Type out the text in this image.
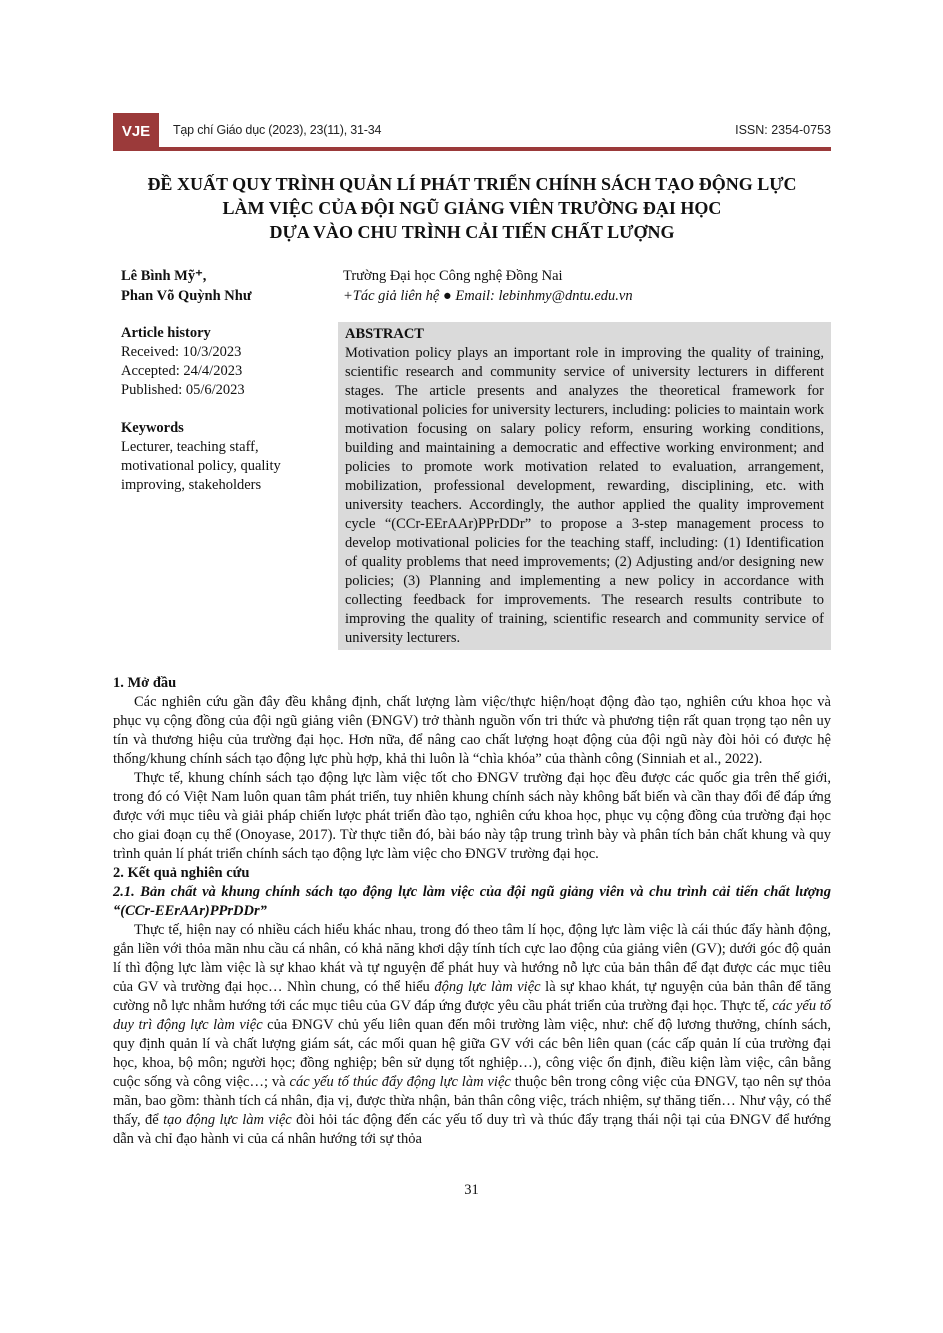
VJE	Tạp chí Giáo dục (2023), 23(11), 31-34	ISSN: 2354-0753
ĐỀ XUẤT QUY TRÌNH QUẢN LÍ PHÁT TRIỂN CHÍNH SÁCH TẠO ĐỘNG LỰC
LÀM VIỆC CỦA ĐỘI NGŨ GIẢNG VIÊN TRƯỜNG ĐẠI HỌC
DỰA VÀO CHU TRÌNH CẢI TIẾN CHẤT LƯỢNG
Lê Bình Mỹ⁺,
Phan Võ Quỳnh Như
Trường Đại học Công nghệ Đồng Nai
+Tác giả liên hệ ● Email: lebinhmy@dntu.edu.vn
Article history
Received: 10/3/2023
Accepted: 24/4/2023
Published: 05/6/2023
Keywords
Lecturer, teaching staff, motivational policy, quality improving, stakeholders
ABSTRACT
Motivation policy plays an important role in improving the quality of training, scientific research and community service of university lecturers in different stages. The article presents and analyzes the theoretical framework for motivational policies for university lecturers, including: policies to maintain work motivation focusing on salary policy reform, ensuring working conditions, building and maintaining a democratic and effective working environment; and policies to promote work motivation related to evaluation, arrangement, mobilization, professional development, rewarding, disciplining, etc. with university teachers. Accordingly, the author applied the quality improvement cycle “(CCr-EErAAr)PPrDDr” to propose a 3-step management process to develop motivational policies for the teaching staff, including: (1) Identification of quality problems that need improvements; (2) Adjusting and/or designing new policies; (3) Planning and implementing a new policy in accordance with collecting feedback for improvements. The research results contribute to improving the quality of training, scientific research and community service of university lecturers.
1. Mở đầu

Các nghiên cứu gần đây đều khẳng định, chất lượng làm việc/thực hiện/hoạt động đào tạo, nghiên cứu khoa học và phục vụ cộng đồng của đội ngũ giảng viên (ĐNGV) trở thành nguồn vốn tri thức và phương tiện rất quan trọng tạo nên uy tín và thương hiệu của trường đại học. Hơn nữa, để nâng cao chất lượng hoạt động của đội ngũ này đòi hỏi có được hệ thống/khung chính sách tạo động lực phù hợp, khả thi luôn là “chìa khóa” của thành công (Sinniah et al., 2022).

Thực tế, khung chính sách tạo động lực làm việc tốt cho ĐNGV trường đại học đều được các quốc gia trên thế giới, trong đó có Việt Nam luôn quan tâm phát triển, tuy nhiên khung chính sách này không bất biến và cần thay đổi để đáp ứng được với mục tiêu và giải pháp chiến lược phát triển đào tạo, nghiên cứu khoa học, phục vụ cộng đồng của trường đại học cho giai đoạn cụ thể (Onoyase, 2017). Từ thực tiễn đó, bài báo này tập trung trình bày và phân tích bản chất khung và quy trình quản lí phát triển chính sách tạo động lực làm việc cho ĐNGV trường đại học.

2. Kết quả nghiên cứu
2.1. Bản chất và khung chính sách tạo động lực làm việc của đội ngũ giảng viên và chu trình cải tiến chất lượng “(CCr-EErAAr)PPrDDr”

Thực tế, hiện nay có nhiều cách hiểu khác nhau, trong đó theo tâm lí học, động lực làm việc là cái thúc đẩy hành động, gắn liền với thỏa mãn nhu cầu cá nhân, có khả năng khơi dậy tính tích cực lao động của giảng viên (GV); dưới góc độ quản lí thì động lực làm việc là sự khao khát và tự nguyện để phát huy và hướng nỗ lực của bản thân để đạt được các mục tiêu của GV và trường đại học… Nhìn chung, có thể hiểu động lực làm việc là sự khao khát, tự nguyện của bản thân để tăng cường nỗ lực nhằm hướng tới các mục tiêu của GV đáp ứng được yêu cầu phát triển của trường đại học. Thực tế, các yếu tố duy trì động lực làm việc của ĐNGV chủ yếu liên quan đến môi trường làm việc, như: chế độ lương thưởng, chính sách, quy định quản lí và chất lượng giám sát, các mối quan hệ giữa GV với các bên liên quan (các cấp quản lí của trường đại học, khoa, bộ môn; người học; đồng nghiệp; bên sử dụng tốt nghiệp…), công việc ổn định, điều kiện làm việc, cân bằng cuộc sống và công việc…; và các yếu tố thúc đẩy động lực làm việc thuộc bên trong công việc của ĐNGV, tạo nên sự thỏa mãn, bao gồm: thành tích cá nhân, địa vị, được thừa nhận, bản thân công việc, trách nhiệm, sự thăng tiến… Như vậy, có thể thấy, để tạo động lực làm việc đòi hỏi tác động đến các yếu tố duy trì và thúc đẩy trạng thái nội tại của ĐNGV để hướng dẫn và chỉ đạo hành vi của cá nhân hướng tới sự thỏa

31
